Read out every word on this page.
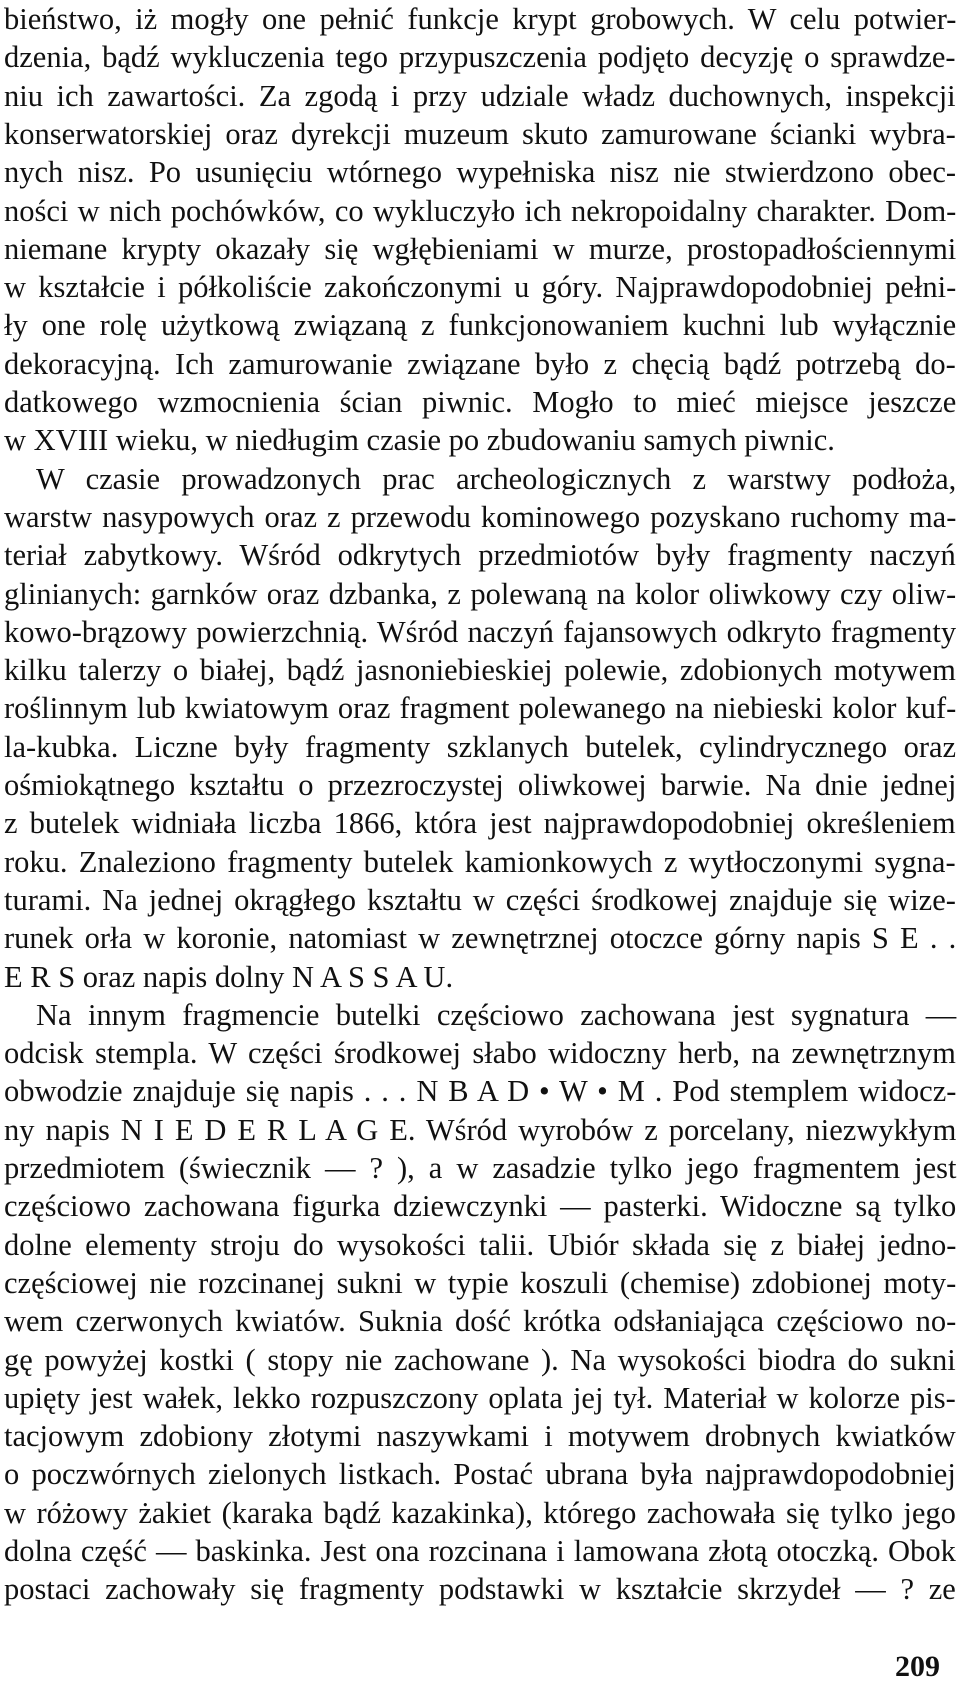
bieństwo, iż mogły one pełnić funkcje krypt grobowych. W celu potwier-
dzenia, bądź wykluczenia tego przypuszczenia podjęto decyzję o sprawdze-
niu ich zawartości. Za zgodą i przy udziale władz duchownych, inspekcji
konserwatorskiej oraz dyrekcji muzeum skuto zamurowane ścianki wybra-
nych nisz. Po usunięciu wtórnego wypełniska nisz nie stwierdzono obec-
ności w nich pochówków, co wykluczyło ich nekropoidalny charakter. Dom-
niemane krypty okazały się wgłębieniami w murze, prostopadłościennymi
w kształcie i półkoliście zakończonymi u góry. Najprawdopodobniej pełni-
ły one rolę użytkową związaną z funkcjonowaniem kuchni lub wyłącznie
dekoracyjną. Ich zamurowanie związane było z chęcią bądź potrzebą do-
datkowego wzmocnienia ścian piwnic. Mogło to mieć miejsce jeszcze
w XVIII wieku, w niedługim czasie po zbudowaniu samych piwnic.
W czasie prowadzonych prac archeologicznych z warstwy podłoża,
warstw nasypowych oraz z przewodu kominowego pozyskano ruchomy ma-
teriał zabytkowy. Wśród odkrytych przedmiotów były fragmenty naczyń
glinianych: garnków oraz dzbanka, z polewaną na kolor oliwkowy czy oliw-
kowo-brązowy powierzchnią. Wśród naczyń fajansowych odkryto fragmenty
kilku talerzy o białej, bądź jasnoniebieskiej polewie, zdobionych motywem
roślinnym lub kwiatowym oraz fragment polewanego na niebieski kolor kuf-
la-kubka. Liczne były fragmenty szklanych butelek, cylindrycznego oraz
ośmiokątnego kształtu o przezroczystej oliwkowej barwie. Na dnie jednej
z butelek widniała liczba 1866, która jest najprawdopodobniej określeniem
roku. Znaleziono fragmenty butelek kamionkowych z wytłoczonymi sygna-
turami. Na jednej okrągłego kształtu w części środkowej znajduje się wize-
runek orła w koronie, natomiast w zewnętrznej otoczce górny napis S E . .
E R S oraz napis dolny N A S S A U.
Na innym fragmencie butelki częściowo zachowana jest sygnatura —
odcisk stempla. W części środkowej słabo widoczny herb, na zewnętrznym
obwodzie znajduje się napis . . . N B A D • W • M . Pod stemplem widocz-
ny napis N I E D E R L A G E. Wśród wyrobów z porcelany, niezwykłym
przedmiotem (świecznik — ? ), a w zasadzie tylko jego fragmentem jest
częściowo zachowana figurka dziewczynki — pasterki. Widoczne są tylko
dolne elementy stroju do wysokości talii. Ubiór składa się z białej jedno-
częściowej nie rozcinanej sukni w typie koszuli (chemise) zdobionej moty-
wem czerwonych kwiatów. Suknia dość krótka odsłaniająca częściowo no-
gę powyżej kostki ( stopy nie zachowane ). Na wysokości biodra do sukni
upięty jest wałek, lekko rozpuszczony oplata jej tył. Materiał w kolorze pis-
tacjowym zdobiony złotymi naszywkami i motywem drobnych kwiatków
o poczwórnych zielonych listkach. Postać ubrana była najprawdopodobniej
w różowy żakiet (karaka bądź kazakinka), którego zachowała się tylko jego
dolna część — baskinka. Jest ona rozcinana i lamowana złotą otoczką. Obok
postaci zachowały się fragmenty podstawki w kształcie skrzydeł — ? ze
209
